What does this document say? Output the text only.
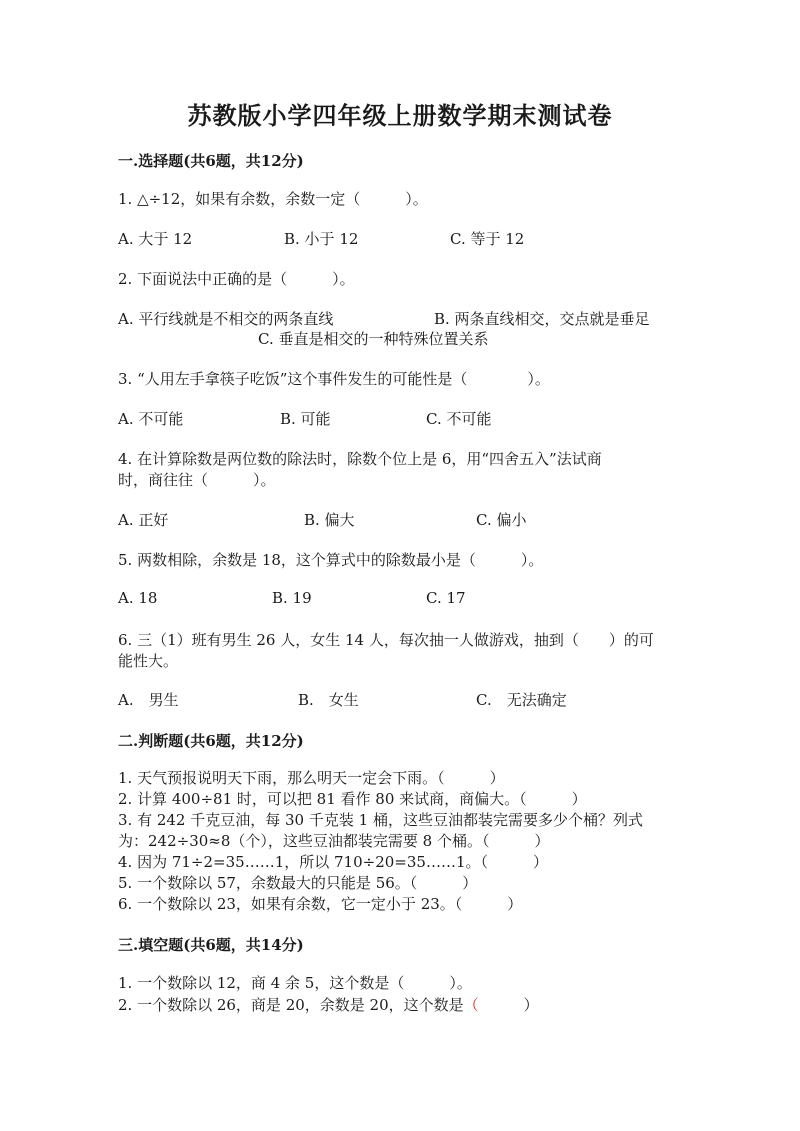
苏教版小学四年级上册数学期末测试卷
一.选择题(共6题，共12分)
1. △÷12，如果有余数，余数一定（　　　）。
A. 大于 12	B. 小于 12	C. 等于 12
2. 下面说法中正确的是（　　　）。
A. 平行线就是不相交的两条直线	B. 两条直线相交，交点就是垂足
C. 垂直是相交的一种特殊位置关系
3. “人用左手拿筷子吃饭”这个事件发生的可能性是（　　　　）。
A. 不可能	B. 可能	C. 不可能
4. 在计算除数是两位数的除法时，除数个位上是 6，用“四舍五入”法试商
时，商往往（　　　）。
A. 正好	B. 偏大	C. 偏小
5. 两数相除，余数是 18，这个算式中的除数最小是（　　　）。
A. 18	B. 19	C. 17
6. 三（1）班有男生 26 人，女生 14 人，每次抽一人做游戏，抽到（　　）的可
能性大。
A.　男生	B.　女生	C.　无法确定
二.判断题(共6题，共12分)
1. 天气预报说明天下雨，那么明天一定会下雨。（　　　）
2. 计算 400÷81 时，可以把 81 看作 80 来试商，商偏大。（　　　）
3. 有 242 千克豆油，每 30 千克装 1 桶，这些豆油都装完需要多少个桶？列式
为：242÷30≈8（个），这些豆油都装完需要 8 个桶。（　　　）
4. 因为 71÷2=35……1，所以 710÷20=35……1。（　　　）
5. 一个数除以 57，余数最大的只能是 56。（　　　）
6. 一个数除以 23，如果有余数，它一定小于 23。（　　　）
三.填空题(共6题，共14分)
1. 一个数除以 12，商 4 余 5，这个数是（　　　）。
2. 一个数除以 26，商是 20，余数是 20，这个数是（　　　）
